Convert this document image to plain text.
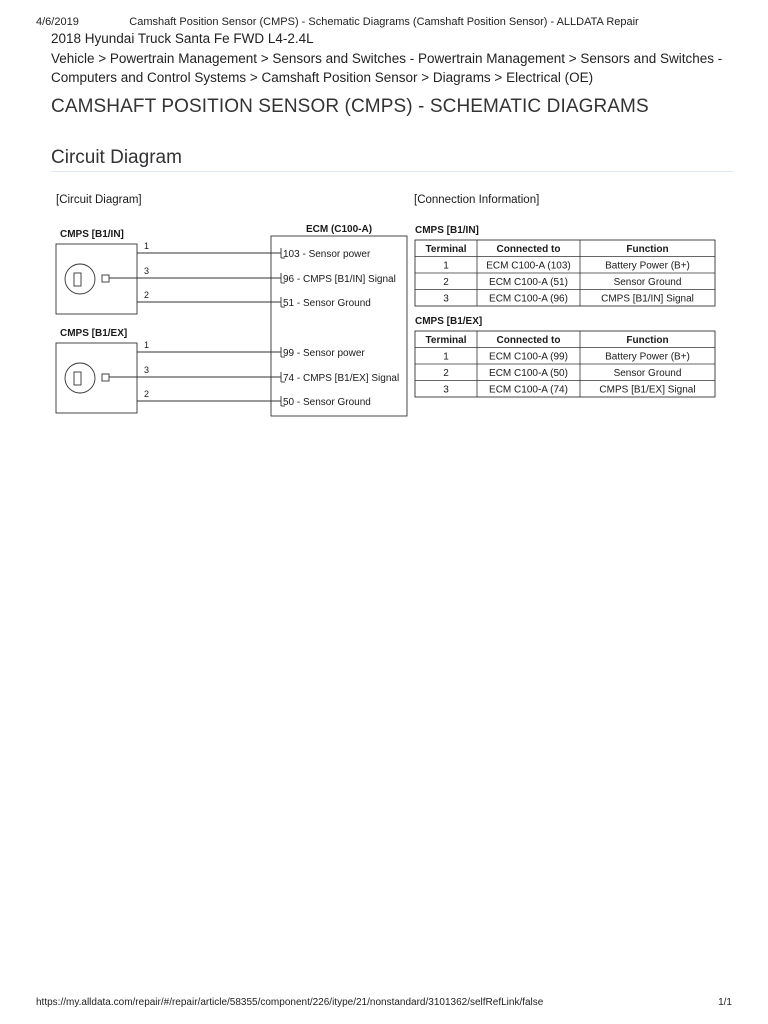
4/6/2019	Camshaft Position Sensor (CMPS) - Schematic Diagrams (Camshaft Position Sensor) - ALLDATA Repair
2018 Hyundai Truck Santa Fe FWD L4-2.4L
Vehicle > Powertrain Management > Sensors and Switches - Powertrain Management > Sensors and Switches - Computers and Control Systems > Camshaft Position Sensor > Diagrams > Electrical (OE)
CAMSHAFT POSITION SENSOR (CMPS) - SCHEMATIC DIAGRAMS
Circuit Diagram
[Circuit Diagram]	[Connection Information]
ECM (C100-A)
CMPS [B1/IN]
1
103 - Sensor power
3
96 - CMPS [B1/IN] Signal
2
51 - Sensor Ground
CMPS [B1/EX]
1
99 - Sensor power
3
74 - CMPS [B1/EX] Signal
2
50 - Sensor Ground
CMPS [B1/IN]
Terminal	Connected to	Function
1	ECM C100-A (103)	Battery Power (B+)
2	ECM C100-A (51)	Sensor Ground
3	ECM C100-A (96)	CMPS [B1/IN] Signal
CMPS [B1/EX]
Terminal	Connected to	Function
1	ECM C100-A (99)	Battery Power (B+)
2	ECM C100-A (50)	Sensor Ground
3	ECM C100-A (74)	CMPS [B1/EX] Signal
https://my.alldata.com/repair/#/repair/article/58355/component/226/itype/21/nonstandard/3101362/selfRefLink/false	1/1
